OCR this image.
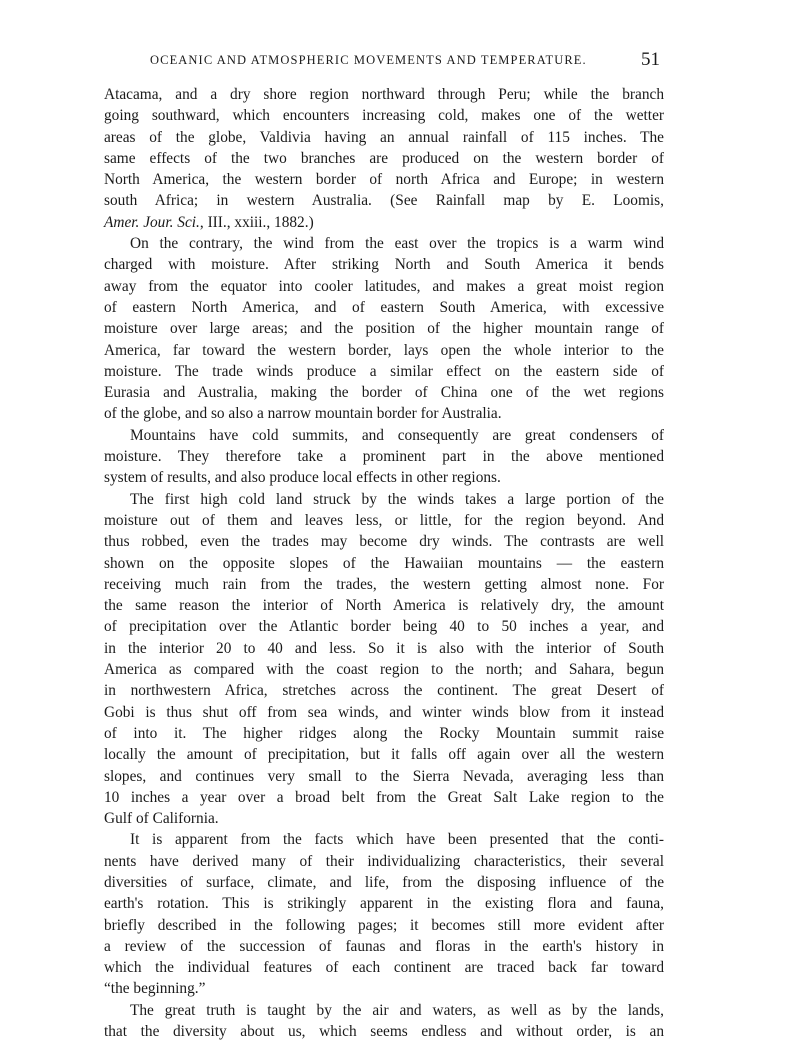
OCEANIC AND ATMOSPHERIC MOVEMENTS AND TEMPERATURE.	51
Atacama, and a dry shore region northward through Peru; while the branch
going southward, which encounters increasing cold, makes one of the wetter
areas of the globe, Valdivia having an annual rainfall of 115 inches. The
same effects of the two branches are produced on the western border of
North America, the western border of north Africa and Europe; in western
south Africa; in western Australia. (See Rainfall map by E. Loomis,
Amer. Jour. Sci., III., xxiii., 1882.)
On the contrary, the wind from the east over the tropics is a warm wind
charged with moisture. After striking North and South America it bends
away from the equator into cooler latitudes, and makes a great moist region
of eastern North America, and of eastern South America, with excessive
moisture over large areas; and the position of the higher mountain range of
America, far toward the western border, lays open the whole interior to the
moisture. The trade winds produce a similar effect on the eastern side of
Eurasia and Australia, making the border of China one of the wet regions
of the globe, and so also a narrow mountain border for Australia.
Mountains have cold summits, and consequently are great condensers of
moisture. They therefore take a prominent part in the above mentioned
system of results, and also produce local effects in other regions.
The first high cold land struck by the winds takes a large portion of the
moisture out of them and leaves less, or little, for the region beyond. And
thus robbed, even the trades may become dry winds. The contrasts are well
shown on the opposite slopes of the Hawaiian mountains — the eastern
receiving much rain from the trades, the western getting almost none. For
the same reason the interior of North America is relatively dry, the amount
of precipitation over the Atlantic border being 40 to 50 inches a year, and
in the interior 20 to 40 and less. So it is also with the interior of South
America as compared with the coast region to the north; and Sahara, begun
in northwestern Africa, stretches across the continent. The great Desert of
Gobi is thus shut off from sea winds, and winter winds blow from it instead
of into it. The higher ridges along the Rocky Mountain summit raise
locally the amount of precipitation, but it falls off again over all the western
slopes, and continues very small to the Sierra Nevada, averaging less than
10 inches a year over a broad belt from the Great Salt Lake region to the
Gulf of California.
It is apparent from the facts which have been presented that the conti-
nents have derived many of their individualizing characteristics, their several
diversities of surface, climate, and life, from the disposing influence of the
earth's rotation. This is strikingly apparent in the existing flora and fauna,
briefly described in the following pages; it becomes still more evident after
a review of the succession of faunas and floras in the earth's history in
which the individual features of each continent are traced back far toward
“the beginning.”
The great truth is taught by the air and waters, as well as by the lands,
that the diversity about us, which seems endless and without order, is an
